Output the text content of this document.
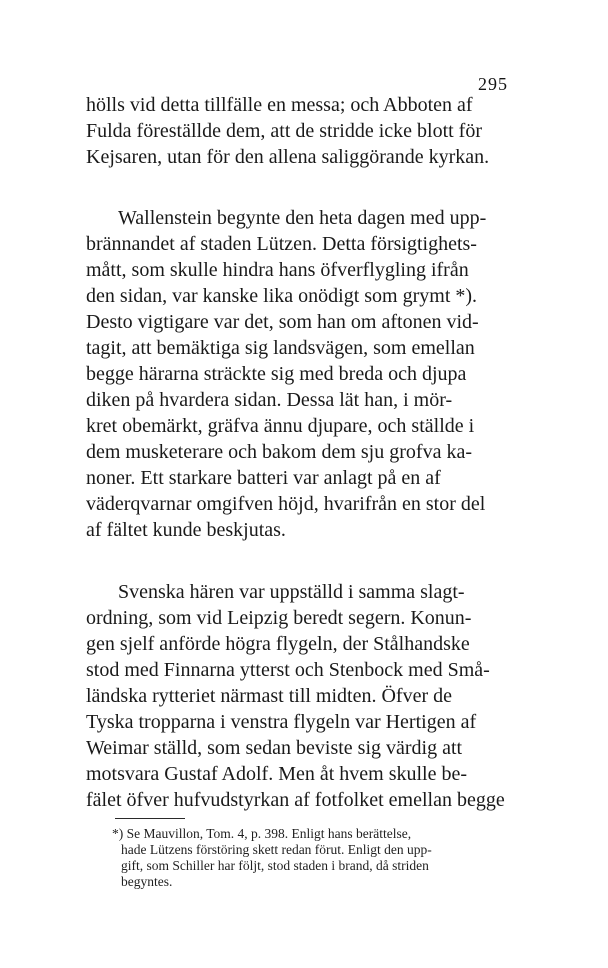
295
hölls vid detta tillfälle en messa; och Abboten af
Fulda föreställde dem, att de stridde icke blott för
Kejsaren, utan för den allena saliggörande kyrkan.
Wallenstein begynte den heta dagen med upp-
brännandet af staden Lützen. Detta försigtighets-
mått, som skulle hindra hans öfverflygling ifrån
den sidan, var kanske lika onödigt som grymt *).
Desto vigtigare var det, som han om aftonen vid-
tagit, att bemäktiga sig landsvägen, som emellan
begge härarna sträckte sig med breda och djupa
diken på hvardera sidan. Dessa lät han, i mör-
kret obemärkt, gräfva ännu djupare, och ställde i
dem musketerare och bakom dem sju grofva ka-
noner. Ett starkare batteri var anlagt på en af
väderqvarnar omgifven höjd, hvarifrån en stor del
af fältet kunde beskjutas.
Svenska hären var uppställd i samma slagt-
ordning, som vid Leipzig beredt segern. Konun-
gen sjelf anförde högra flygeln, der Stålhandske
stod med Finnarna ytterst och Stenbock med Små-
ländska rytteriet närmast till midten. Öfver de
Tyska tropparna i venstra flygeln var Hertigen af
Weimar ställd, som sedan beviste sig värdig att
motsvara Gustaf Adolf. Men åt hvem skulle be-
fälet öfver hufvudstyrkan af fotfolket emellan begge
*) Se Mauvillon, Tom. 4, p. 398. Enligt hans berättelse,
hade Lützens förstöring skett redan förut. Enligt den upp-
gift, som Schiller har följt, stod staden i brand, då striden
begyntes.
